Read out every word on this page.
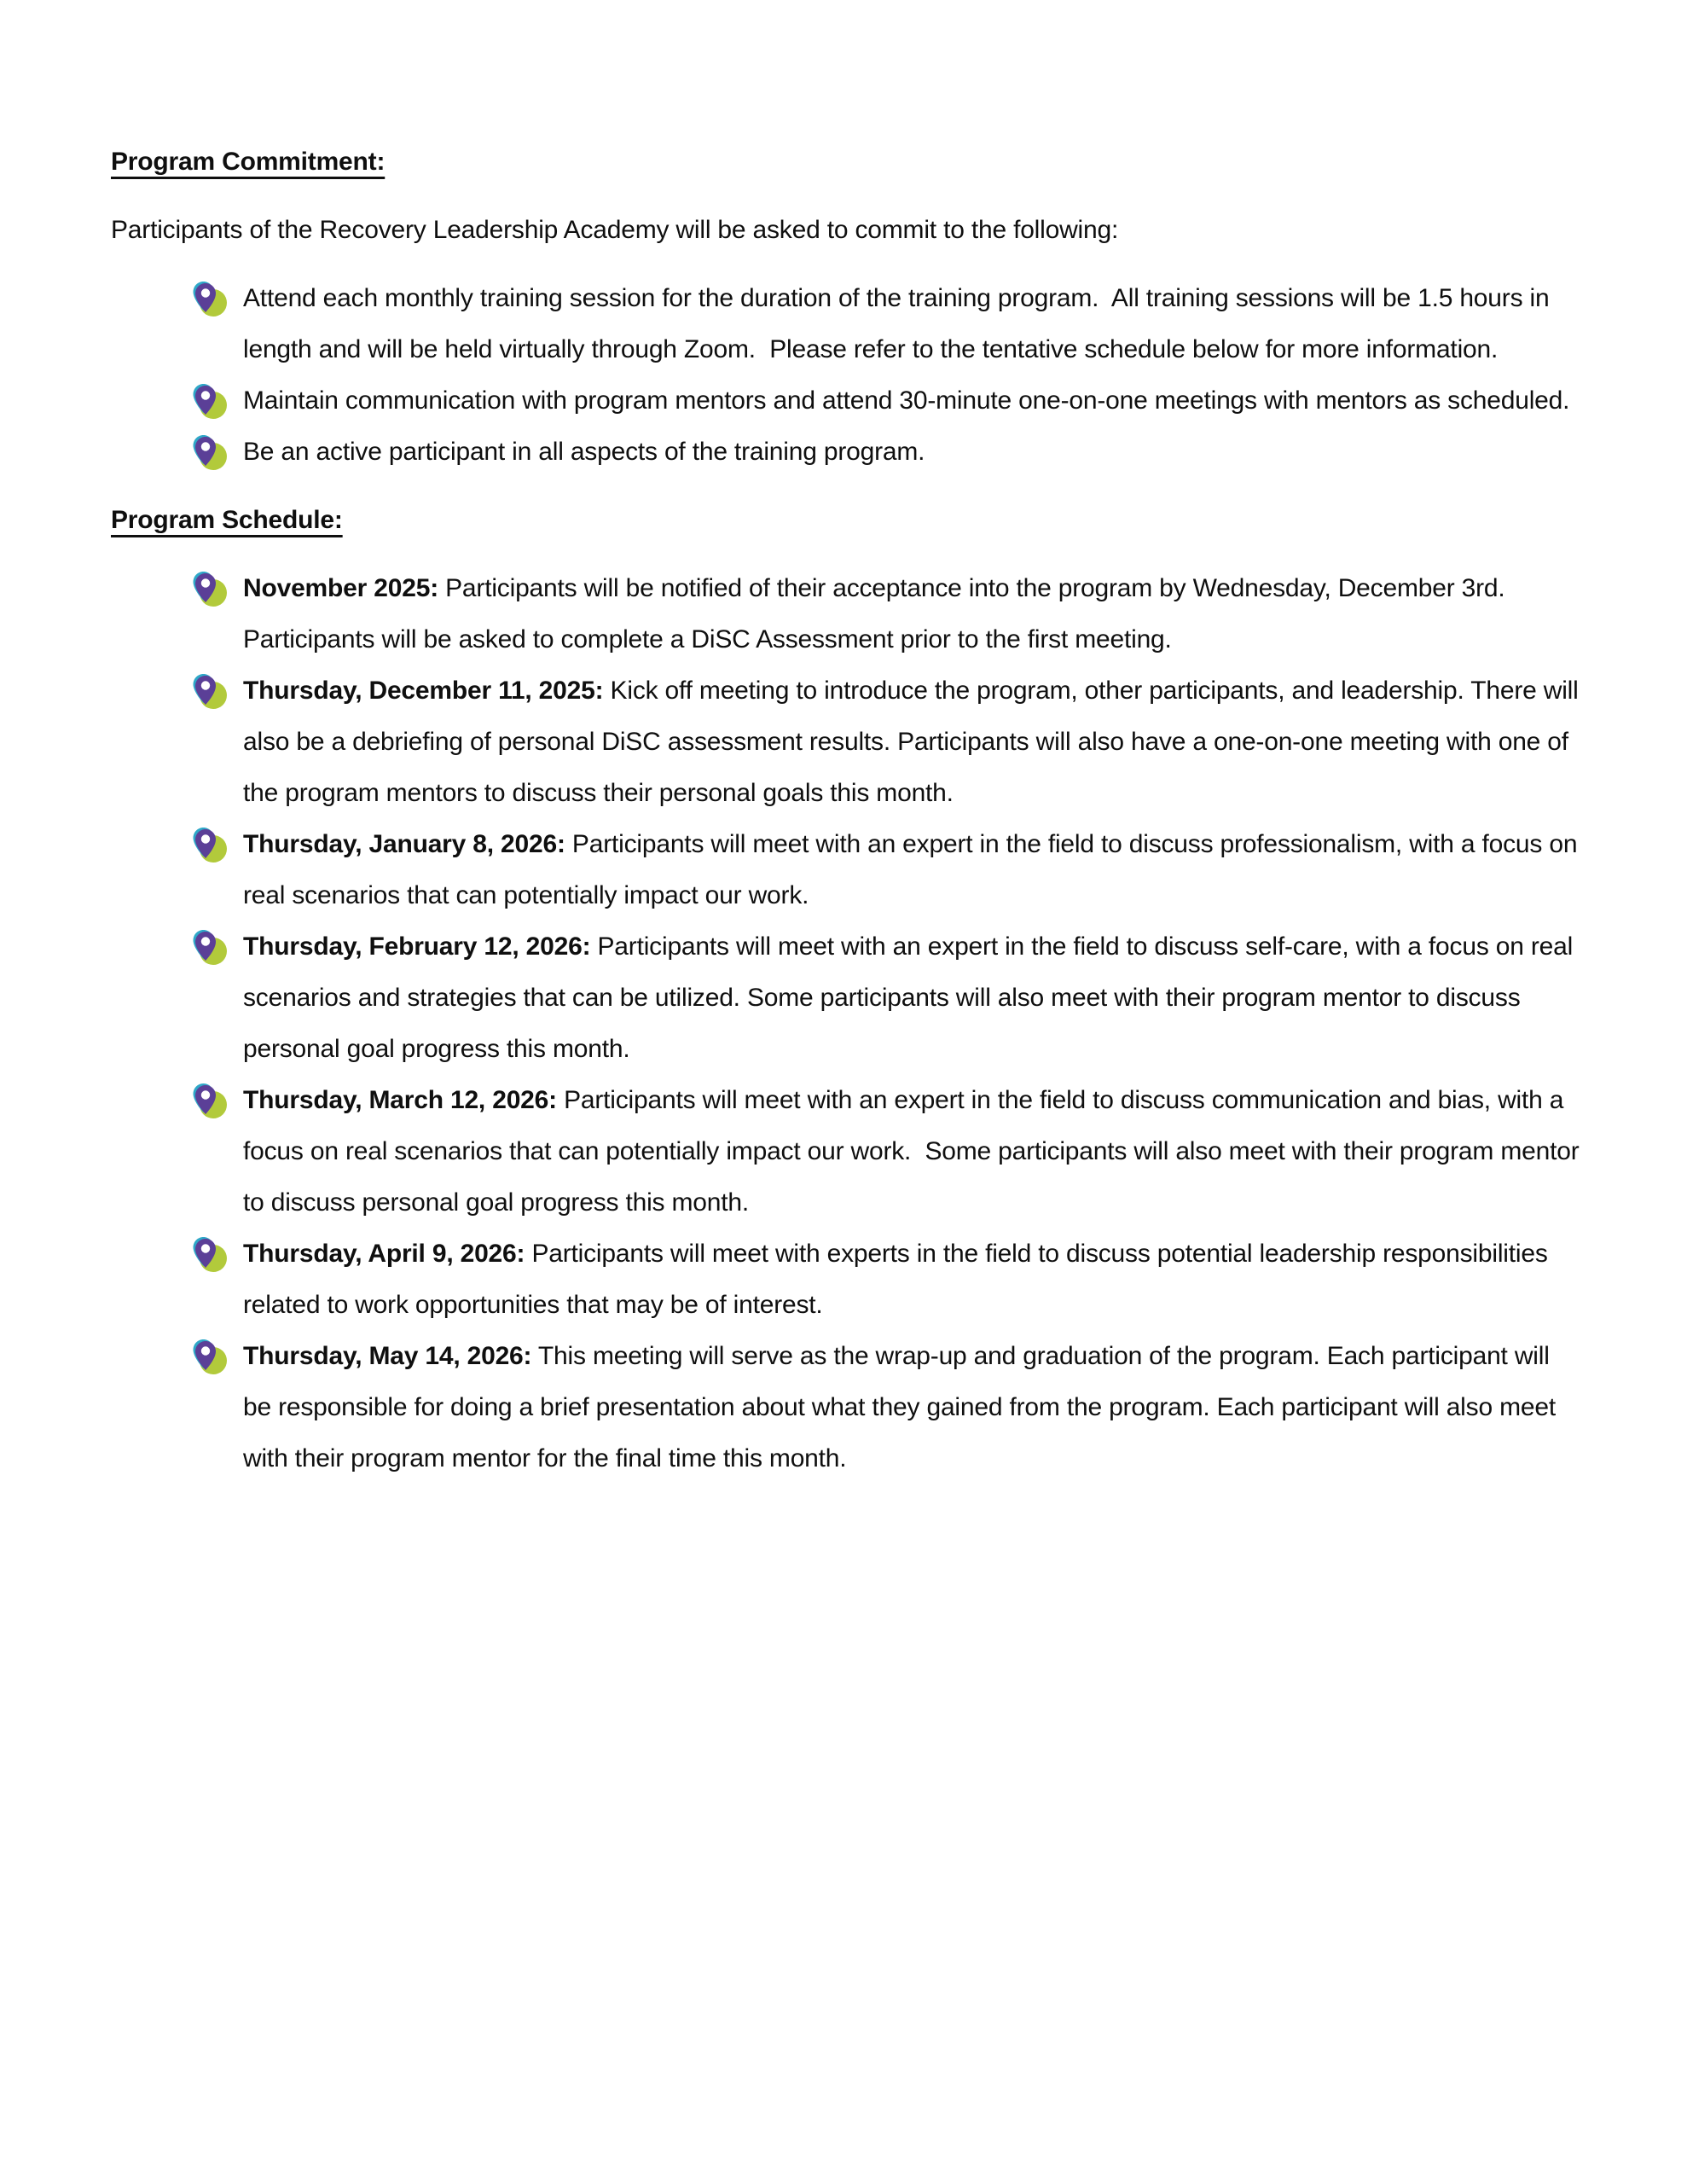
Program Commitment:

Participants of the Recovery Leadership Academy will be asked to commit to the following:

Attend each monthly training session for the duration of the training program.  All training sessions will be 1.5 hours in length and will be held virtually through Zoom.  Please refer to the tentative schedule below for more information.
Maintain communication with program mentors and attend 30-minute one-on-one meetings with mentors as scheduled.
Be an active participant in all aspects of the training program.
Program Schedule:
November 2025: Participants will be notified of their acceptance into the program by Wednesday, December 3rd. Participants will be asked to complete a DiSC Assessment prior to the first meeting.
Thursday, December 11, 2025: Kick off meeting to introduce the program, other participants, and leadership. There will also be a debriefing of personal DiSC assessment results. Participants will also have a one-on-one meeting with one of the program mentors to discuss their personal goals this month.
Thursday, January 8, 2026: Participants will meet with an expert in the field to discuss professionalism, with a focus on real scenarios that can potentially impact our work.
Thursday, February 12, 2026: Participants will meet with an expert in the field to discuss self-care, with a focus on real scenarios and strategies that can be utilized. Some participants will also meet with their program mentor to discuss personal goal progress this month.
Thursday, March 12, 2026: Participants will meet with an expert in the field to discuss communication and bias, with a focus on real scenarios that can potentially impact our work.  Some participants will also meet with their program mentor to discuss personal goal progress this month.
Thursday, April 9, 2026: Participants will meet with experts in the field to discuss potential leadership responsibilities related to work opportunities that may be of interest.
Thursday, May 14, 2026: This meeting will serve as the wrap-up and graduation of the program. Each participant will be responsible for doing a brief presentation about what they gained from the program. Each participant will also meet with their program mentor for the final time this month.
